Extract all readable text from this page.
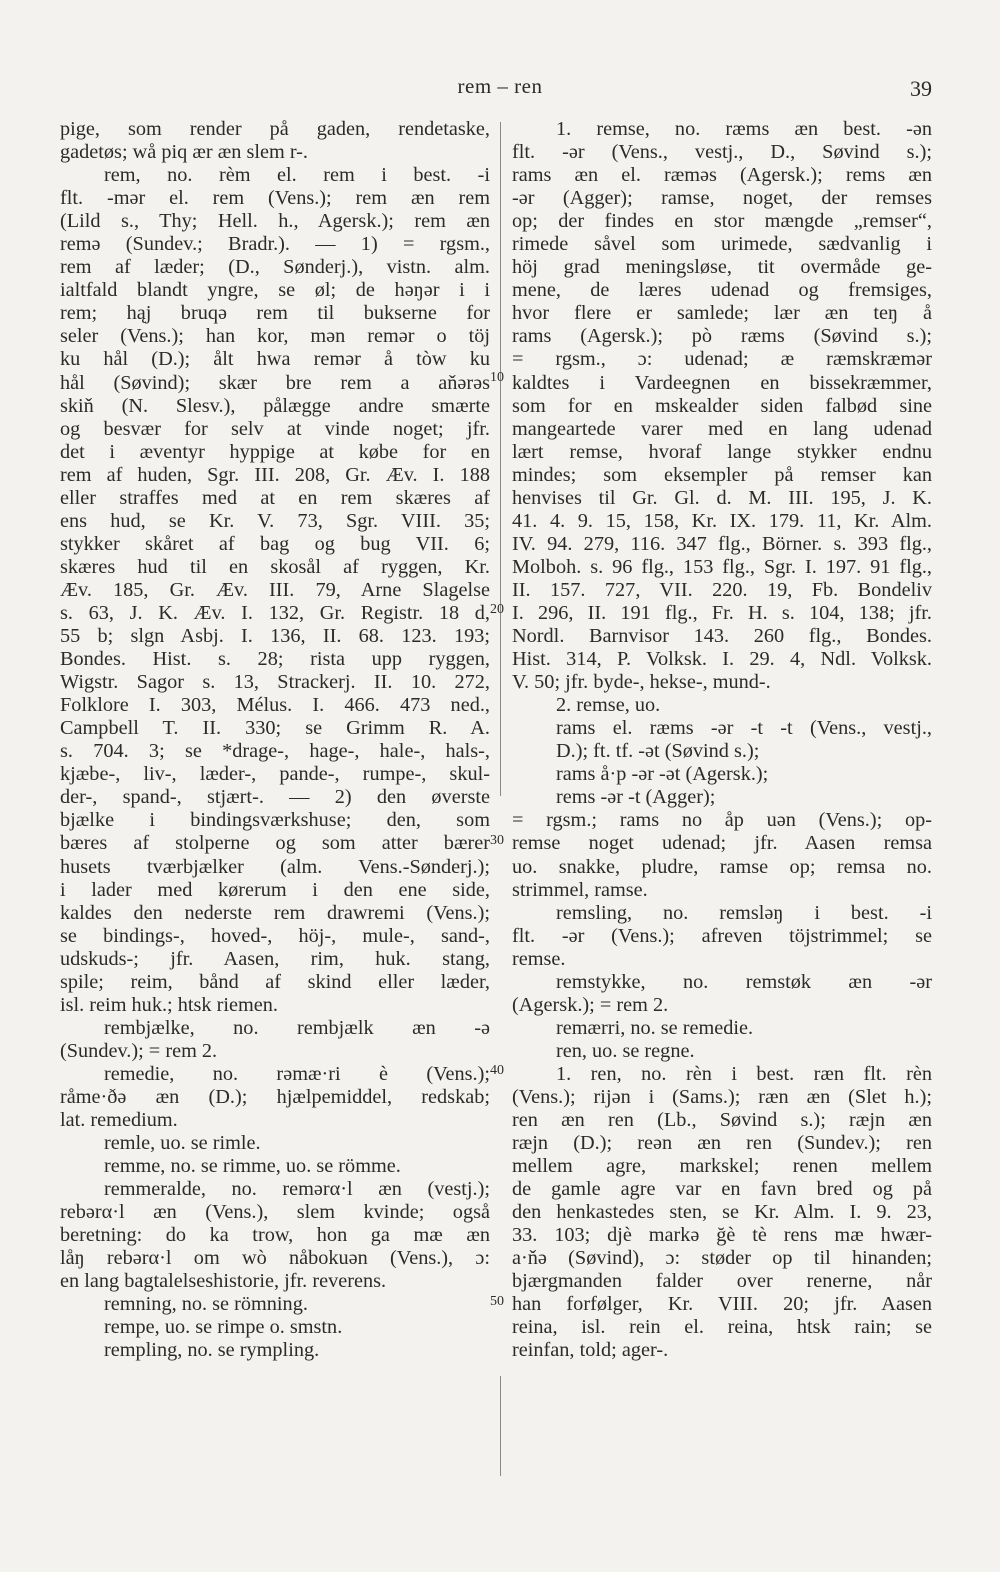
rem – ren	39
pige, som render på gaden, rendetaske,
gadetøs; wå piq ær æn slem r-.
rem, no. rèm el. rem i best. -i
flt. -mər el. rem (Vens.); rem æn rem
(Lild s., Thy; Hell. h., Agersk.); rem æn
remə (Sundev.; Bradr.). — 1) = rgsm.,
rem af læder; (D., Sønderj.), vistn. alm.
ialtfald blandt yngre, se øl; de həŋər i i
rem; hąj bruqə rem til bukserne for
seler (Vens.); han kor, mən remər o töj
ku hål (D.); ålt hwa remər å tòw ku
hål (Søvind); skær bre rem a aňərəs
skiň (N. Slesv.), pålægge andre smærte
og besvær for selv at vinde noget; jfr.
det i æventyr hyppige at købe for en
rem af huden, Sgr. III. 208, Gr. Æv. I. 188
eller straffes med at en rem skæres af
ens hud, se Kr. V. 73, Sgr. VIII. 35;
stykker skåret af bag og bug VII. 6;
skæres hud til en skosål af ryggen, Kr.
Æv. 185, Gr. Æv. III. 79, Arne Slagelse
s. 63, J. K. Æv. I. 132, Gr. Registr. 18 d,
55 b; slgn Asbj. I. 136, II. 68. 123. 193;
Bondes. Hist. s. 28; rista upp ryggen,
Wigstr. Sagor s. 13, Strackerj. II. 10. 272,
Folklore I. 303, Mélus. I. 466. 473 ned.,
Campbell T. II. 330; se Grimm R. A.
s. 704. 3; se *drage-, hage-, hale-, hals-,
kjæbe-, liv-, læder-, pande-, rumpe-, skul-
der-, spand-, stjært-. — 2) den øverste
bjælke i bindingsværkshuse; den, som
bæres af stolperne og som atter bærer
husets tværbjælker (alm. Vens.-Sønderj.);
i lader med kørerum i den ene side,
kaldes den nederste rem drawremi (Vens.);
se bindings-, hoved-, höj-, mule-, sand-,
udskuds-; jfr. Aasen, rim, huk. stang,
spile; reim, bånd af skind eller læder,
isl. reim huk.; htsk riemen.
rembjælke, no. rembjælk æn -ə
(Sundev.); = rem 2.
remedie, no. rəmæ·ri è (Vens.);
råme·ðə æn (D.); hjælpemiddel, redskab;
lat. remedium.
remle, uo. se rimle.
remme, no. se rimme, uo. se römme.
remmeralde, no. remərα·l æn (vestj.);
rebərα·l æn (Vens.), slem kvinde; også
beretning: do ka trow, hon ga mæ æn
låŋ rebərα·l om wò nåbokuən (Vens.), ɔ:
en lang bagtalelseshistorie, jfr. reverens.
remning, no. se römning.
rempe, uo. se rimpe o. smstn.
rempling, no. se rympling.
1. remse, no. ræms æn best. -ən
flt. -ər (Vens., vestj., D., Søvind s.);
rams æn el. ræməs (Agersk.); rems æn
-ər (Agger); ramse, noget, der remses
op; der findes en stor mængde „remser“,
rimede såvel som urimede, sædvanlig i
höj grad meningsløse, tit overmåde ge-
mene, de læres udenad og fremsiges,
hvor flere er samlede; lær æn teŋ å
rams (Agersk.); pò ræms (Søvind s.);
= rgsm., ɔ: udenad; æ ræmskræmər
kaldtes i Vardeegnen en bissekræmmer,
som for en mskealder siden falbød sine
mangeartede varer med en lang udenad
lært remse, hvoraf lange stykker endnu
mindes; som eksempler på remser kan
henvises til Gr. Gl. d. M. III. 195, J. K.
41. 4. 9. 15, 158, Kr. IX. 179. 11, Kr. Alm.
IV. 94. 279, 116. 347 flg., Börner. s. 393 flg.,
Molboh. s. 96 flg., 153 flg., Sgr. I. 197. 91 flg.,
II. 157. 727, VII. 220. 19, Fb. Bondeliv
I. 296, II. 191 flg., Fr. H. s. 104, 138; jfr.
Nordl. Barnvisor 143. 260 flg., Bondes.
Hist. 314, P. Volksk. I. 29. 4, Ndl. Volksk.
V. 50; jfr. byde-, hekse-, mund-.
2. remse, uo.
rams el. ræms -ər -t -t (Vens., vestj.,
D.); ft. tf. -ət (Søvind s.);
rams å·p -ər -ət (Agersk.);
rems -ər -t (Agger);
= rgsm.; rams no åp uən (Vens.); op-
remse noget udenad; jfr. Aasen remsa
uo. snakke, pludre, ramse op; remsa no.
strimmel, ramse.
remsling, no. remsləŋ i best. -i
flt. -ər (Vens.); afreven töjstrimmel; se
remse.
remstykke, no. remstøk æn -ər
(Agersk.); = rem 2.
remærri, no. se remedie.
ren, uo. se regne.
1. ren, no. rèn i best. ræn flt. rèn
(Vens.); rijən i (Sams.); ræn æn (Slet h.);
ren æn ren (Lb., Søvind s.); ræjn æn
ræjn (D.); reən æn ren (Sundev.); ren
mellem agre, markskel; renen mellem
de gamle agre var en favn bred og på
den henkastedes sten, se Kr. Alm. I. 9. 23,
33. 103; djè markə ğè tè rens mæ hwær-
a·ňə (Søvind), ɔ: støder op til hinanden;
bjærgmanden falder over renerne, når
han forfølger, Kr. VIII. 20; jfr. Aasen
reina, isl. rein el. reina, htsk rain; se
reinfan, told; ager-.
10
20
30
40
50
